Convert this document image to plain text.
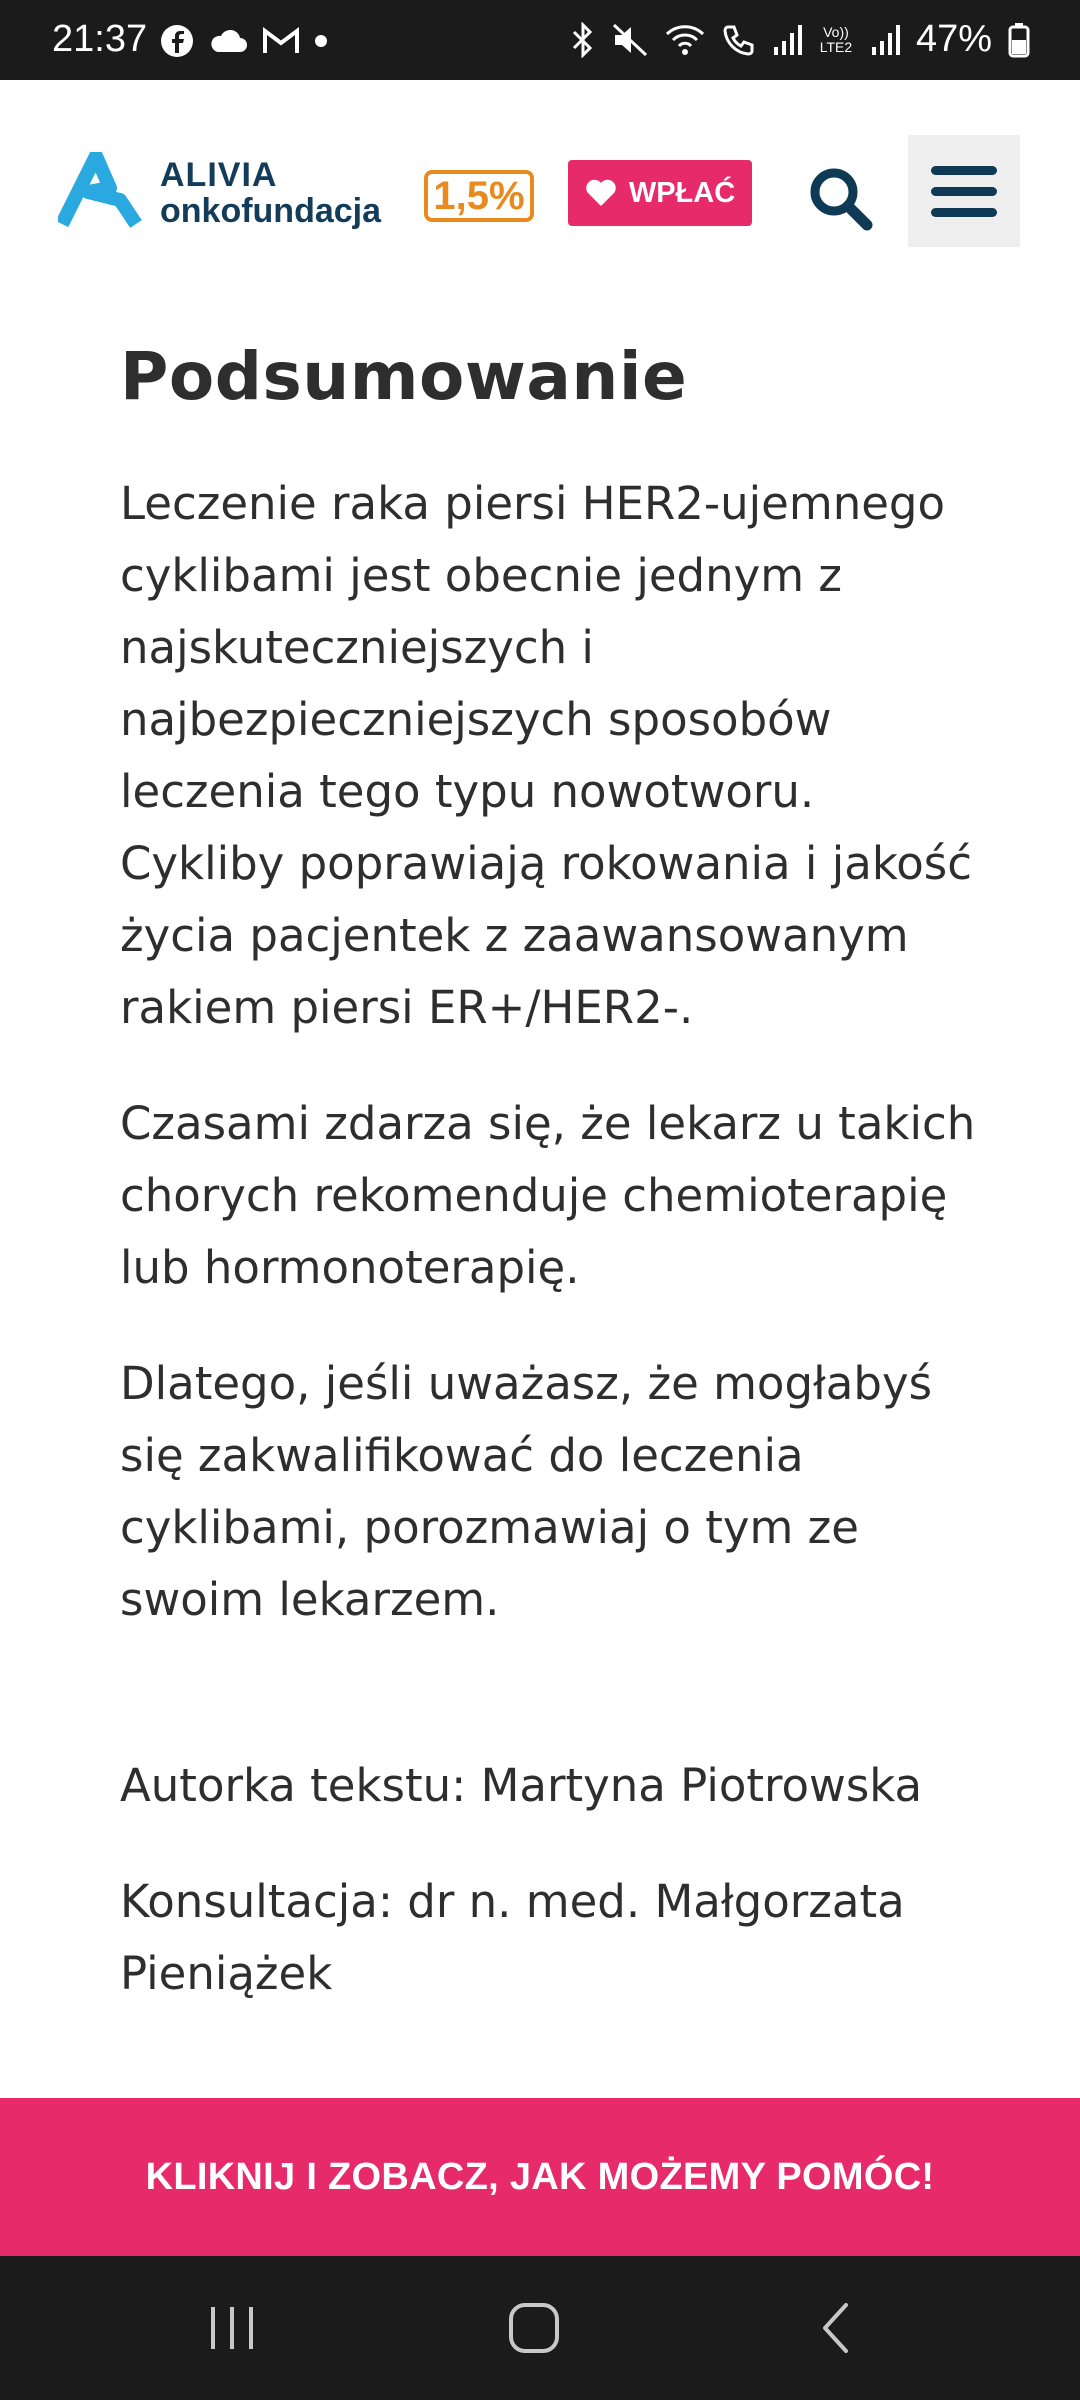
21:37	Vo)) LTE2 47%
ALIVIA
onkofundacja 1,5%	WPŁAĆ
Podsumowanie

Leczenie raka piersi HER2-ujemnego cyklibami jest obecnie jednym z najskuteczniejszych i najbezpieczniejszych sposobów leczenia tego typu nowotworu. Cykliby poprawiają rokowania i jakość życia pacjentek z zaawansowanym rakiem piersi ER+/HER2-.

Czasami zdarza się, że lekarz u takich chorych rekomenduje chemioterapię lub hormonoterapię.

Dlatego, jeśli uważasz, że mogłabyś się zakwalifikować do leczenia cyklibami, porozmawiaj o tym ze swoim lekarzem.

Autorka tekstu: Martyna Piotrowska

Konsultacja: dr n. med. Małgorzata Pieniążek

KLIKNIJ I ZOBACZ, JAK MOŻEMY POMÓC!
